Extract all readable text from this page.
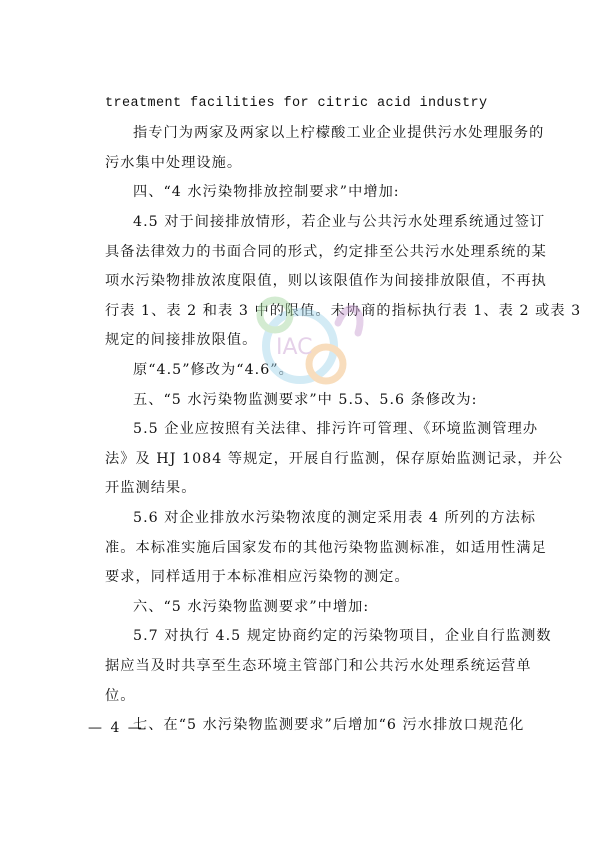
treatment facilities for citric acid industry
指专门为两家及两家以上柠檬酸工业企业提供污水处理服务的
污水集中处理设施。
四、“4 水污染物排放控制要求”中增加:
4.5 对于间接排放情形，若企业与公共污水处理系统通过签订
具备法律效力的书面合同的形式，约定排至公共污水处理系统的某
项水污染物排放浓度限值，则以该限值作为间接排放限值，不再执
行表 1、表 2 和表 3 中的限值。未协商的指标执行表 1、表 2 或表 3
规定的间接排放限值。
原“4.5”修改为“4.6”。
五、“5 水污染物监测要求”中 5.5、5.6 条修改为:
5.5 企业应按照有关法律、排污许可管理、《环境监测管理办
法》及 HJ 1084 等规定，开展自行监测，保存原始监测记录，并公
开监测结果。
5.6 对企业排放水污染物浓度的测定采用表 4 所列的方法标
准。本标准实施后国家发布的其他污染物监测标准，如适用性满足
要求，同样适用于本标准相应污染物的测定。
六、“5 水污染物监测要求”中增加:
5.7 对执行 4.5 规定协商约定的污染物项目，企业自行监测数
据应当及时共享至生态环境主管部门和公共污水处理系统运营单
位。
七、在“5 水污染物监测要求”后增加“6 污水排放口规范化
IAC
— 4 —
